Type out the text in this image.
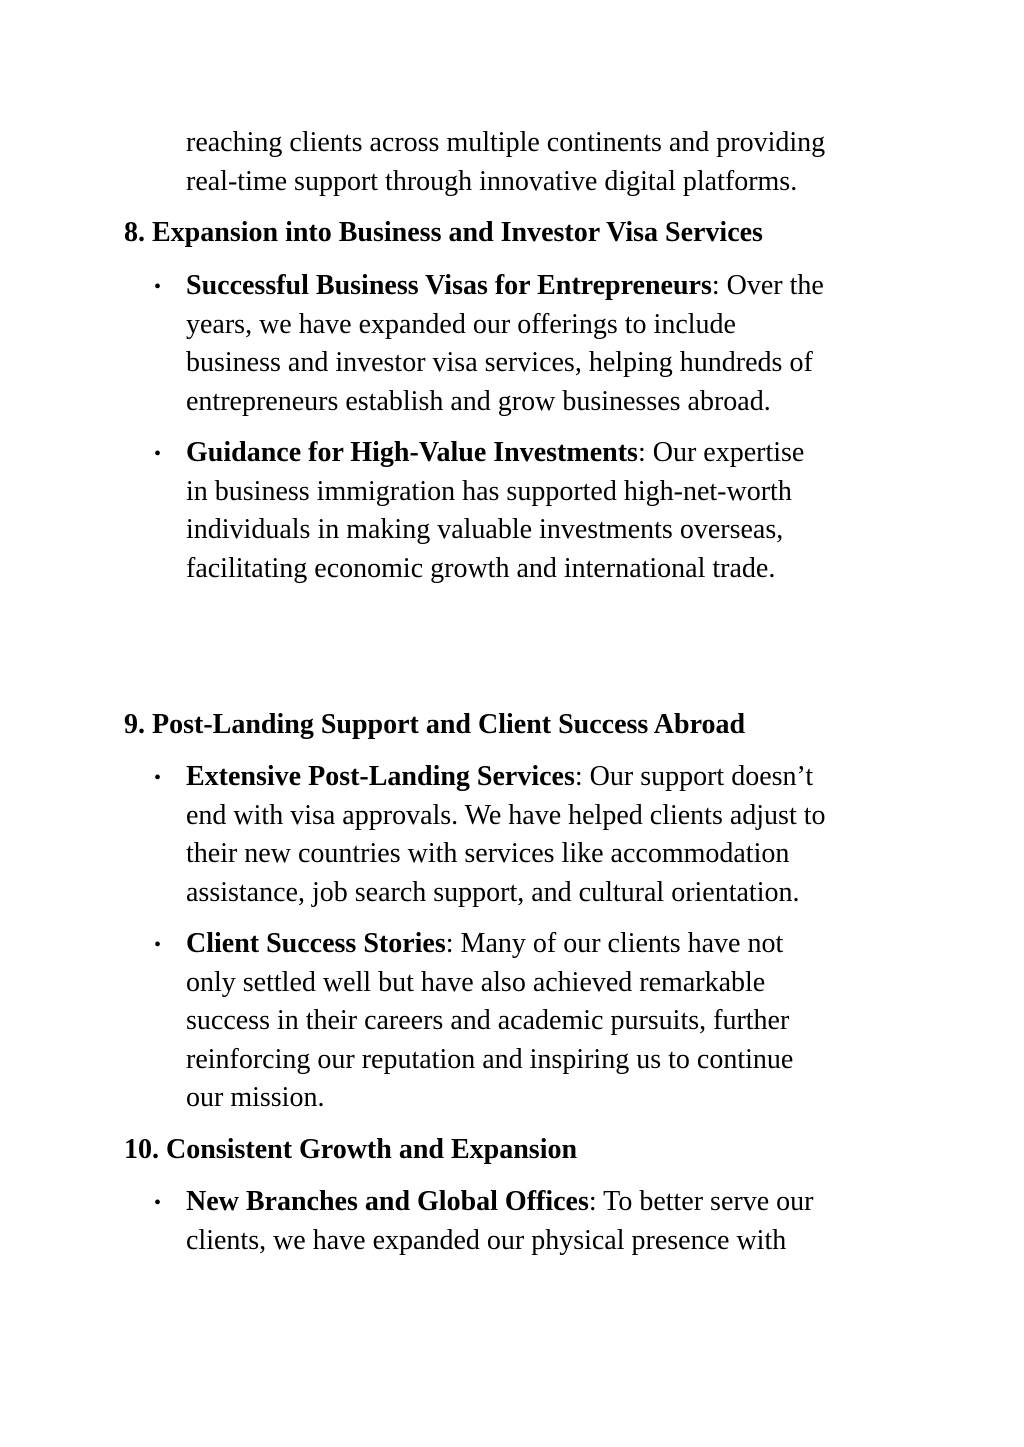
reaching clients across multiple continents and providing
real-time support through innovative digital platforms.

8. Expansion into Business and Investor Visa Services
• Successful Business Visas for Entrepreneurs: Over the
years, we have expanded our offerings to include
business and investor visa services, helping hundreds of
entrepreneurs establish and grow businesses abroad.

• Guidance for High-Value Investments: Our expertise
in business immigration has supported high-net-worth
individuals in making valuable investments overseas,
facilitating economic growth and international trade.

9. Post-Landing Support and Client Success Abroad
• Extensive Post-Landing Services: Our support doesn’t
end with visa approvals. We have helped clients adjust to
their new countries with services like accommodation
assistance, job search support, and cultural orientation.

• Client Success Stories: Many of our clients have not
only settled well but have also achieved remarkable
success in their careers and academic pursuits, further
reinforcing our reputation and inspiring us to continue
our mission.

10. Consistent Growth and Expansion
• New Branches and Global Offices: To better serve our
clients, we have expanded our physical presence with
